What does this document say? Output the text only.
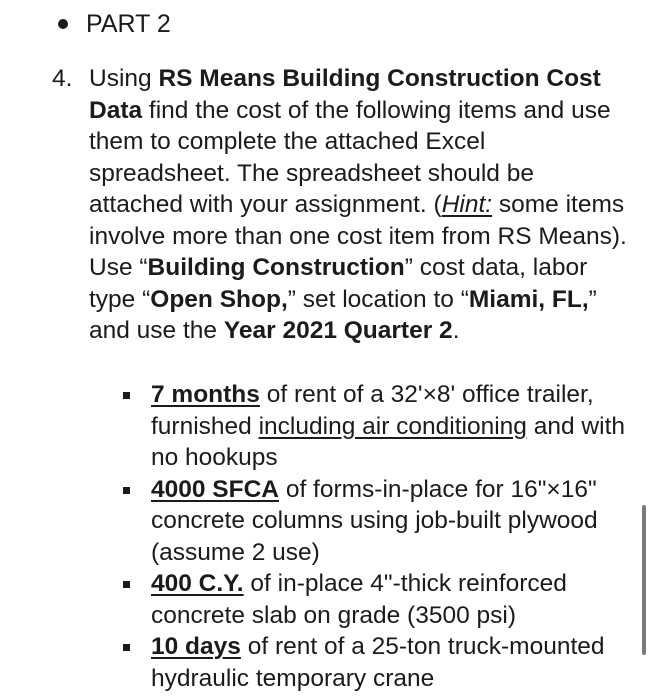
PART 2
4. Using RS Means Building Construction Cost Data find the cost of the following items and use them to complete the attached Excel spreadsheet. The spreadsheet should be attached with your assignment. (Hint: some items involve more than one cost item from RS Means). Use “Building Construction” cost data, labor type “Open Shop,” set location to “Miami, FL,” and use the Year 2021 Quarter 2.
7 months of rent of a 32'×8' office trailer, furnished including air conditioning and with no hookups
4000 SFCA of forms-in-place for 16"×16" concrete columns using job-built plywood (assume 2 use)
400 C.Y. of in-place 4"-thick reinforced concrete slab on grade (3500 psi)
10 days of rent of a 25-ton truck-mounted hydraulic temporary crane
